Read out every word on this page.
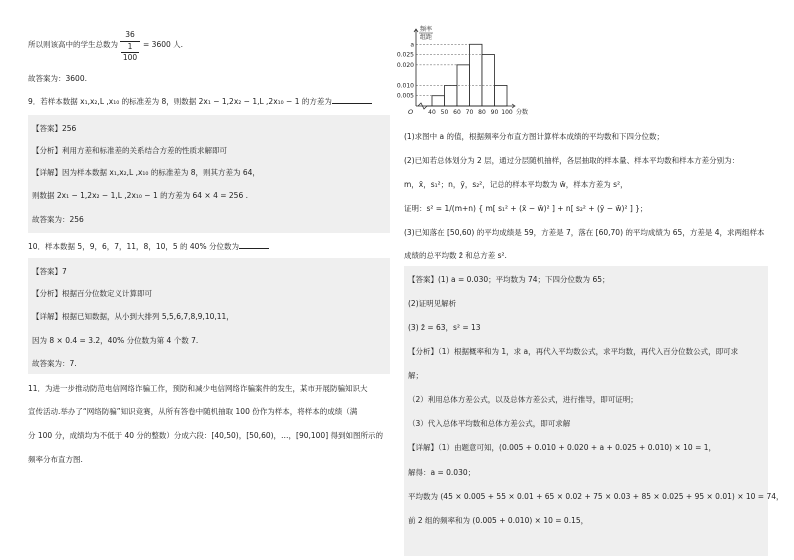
所以则该高中的学生总数为
36
1
100
= 3600 人.
故答案为：3600.
9．若样本数据 x₁,x₂,L ,x₁₀ 的标准差为 8，则数据 2x₁ − 1,2x₂ − 1,L ,2x₁₀ − 1 的方差为
【答案】256
【分析】利用方差和标准差的关系结合方差的性质求解即可
【详解】因为样本数据 x₁,x₂,L ,x₁₀ 的标准差为 8，则其方差为 64，
则数据 2x₁ − 1,2x₂ − 1,L ,2x₁₀ − 1 的方差为 64 × 4 = 256 .
故答案为：256
10．样本数据 5，9，6，7，11，8，10，5 的 40% 分位数为
【答案】7
【分析】根据百分位数定义计算即可
【详解】根据已知数据，从小到大排列 5,5,6,7,8,9,10,11，
因为 8 × 0.4 = 3.2，40% 分位数为第 4 个数 7.
故答案为：7.
11．为进一步推动防范电信网络诈骗工作，预防和减少电信网络诈骗案件的发生，某市开展防骗知识大
宣传活动.举办了“网络防骗”知识竞赛，从所有答卷中随机抽取 100 份作为样本，将样本的成绩（满
分 100 分，成绩均为不低于 40 分的整数）分成六段：[40,50)，[50,60)，…，[90,100] 得到如图所示的
频率分布直方图.
a
0.025
0.020
0.010
0.005
40 50 60 70 80 90 100
O	分数
频率
组距
(1)求图中 a 的值，根据频率分布直方图计算样本成绩的平均数和下四分位数；
(2)已知若总体划分为 2 层，通过分层随机抽样，各层抽取的样本量、样本平均数和样本方差分别为：
m，x̄，s₁²；n，ȳ，s₂²，记总的样本平均数为 w̄，样本方差为 s²，
证明：s² = 1/(m+n) { m[ s₁² + (x̄ − w̄)² ] + n[ s₂² + (ȳ − w̄)² ] }；
(3)已知落在 [50,60) 的平均成绩是 59，方差是 7，落在 [60,70) 的平均成绩为 65，方差是 4，求两组样本
成绩的总平均数 z̄ 和总方差 s².
【答案】(1) a = 0.030；平均数为 74；下四分位数为 65；
(2)证明见解析
(3) z̄ = 63，s² = 13
【分析】（1）根据概率和为 1，求 a，再代入平均数公式，求平均数，再代入百分位数公式，即可求
解；
（2）利用总体方差公式，以及总体方差公式，进行推导，即可证明；
（3）代入总体平均数和总体方差公式，即可求解
【详解】（1）由题意可知，(0.005 + 0.010 + 0.020 + a + 0.025 + 0.010) × 10 = 1，
解得：a = 0.030；
平均数为 (45 × 0.005 + 55 × 0.01 + 65 × 0.02 + 75 × 0.03 + 85 × 0.025 + 95 × 0.01) × 10 = 74，
前 2 组的频率和为 (0.005 + 0.010) × 10 = 0.15，
